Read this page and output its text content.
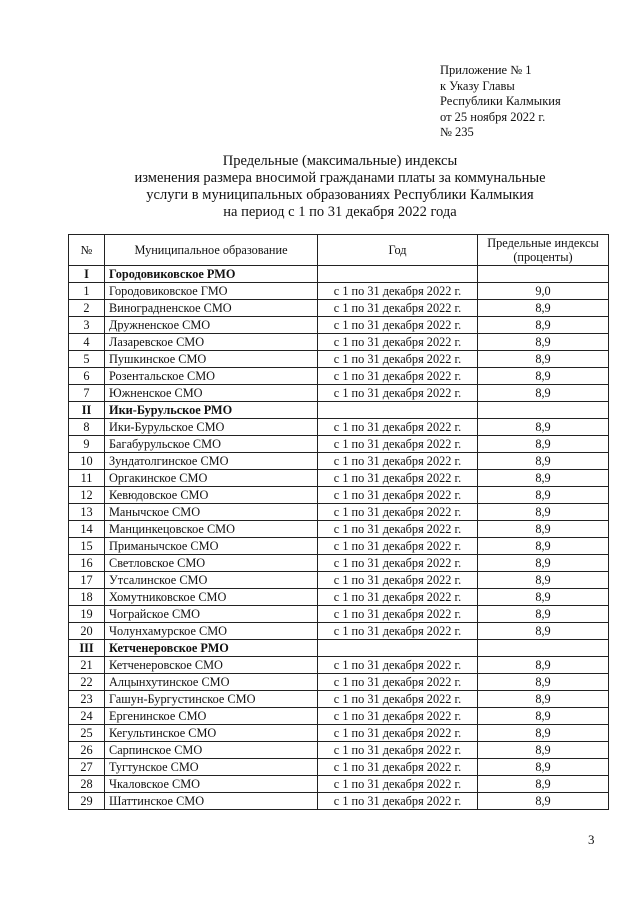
Приложение № 1
к Указу Главы
Республики Калмыкия
от 25 ноября 2022 г.
№ 235
Предельные (максимальные) индексы
изменения размера вносимой гражданами платы за коммунальные
услуги в муниципальных образованиях Республики Калмыкия
на период с 1 по 31 декабря 2022 года
№	Муниципальное образование	Год	Предельные индексы (проценты)
I	Городовиковское РМО		
1	Городовиковское ГМО	с 1 по 31 декабря 2022 г.	9,0
2	Виноградненское СМО	с 1 по 31 декабря 2022 г.	8,9
3	Дружненское СМО	с 1 по 31 декабря 2022 г.	8,9
4	Лазаревское СМО	с 1 по 31 декабря 2022 г.	8,9
5	Пушкинское СМО	с 1 по 31 декабря 2022 г.	8,9
6	Розентальское СМО	с 1 по 31 декабря 2022 г.	8,9
7	Южненское СМО	с 1 по 31 декабря 2022 г.	8,9
II	Ики-Бурульское РМО		
8	Ики-Бурульское СМО	с 1 по 31 декабря 2022 г.	8,9
9	Багабурульское СМО	с 1 по 31 декабря 2022 г.	8,9
10	Зундатолгинское СМО	с 1 по 31 декабря 2022 г.	8,9
11	Оргакинское СМО	с 1 по 31 декабря 2022 г.	8,9
12	Кевюдовское СМО	с 1 по 31 декабря 2022 г.	8,9
13	Манычское СМО	с 1 по 31 декабря 2022 г.	8,9
14	Манцинкецовское СМО	с 1 по 31 декабря 2022 г.	8,9
15	Приманычское СМО	с 1 по 31 декабря 2022 г.	8,9
16	Светловское СМО	с 1 по 31 декабря 2022 г.	8,9
17	Утсалинское СМО	с 1 по 31 декабря 2022 г.	8,9
18	Хомутниковское СМО	с 1 по 31 декабря 2022 г.	8,9
19	Чограйское СМО	с 1 по 31 декабря 2022 г.	8,9
20	Чолунхамурское СМО	с 1 по 31 декабря 2022 г.	8,9
III	Кетченеровское РМО		
21	Кетченеровское СМО	с 1 по 31 декабря 2022 г.	8,9
22	Алцынхутинское СМО	с 1 по 31 декабря 2022 г.	8,9
23	Гашун-Бургустинское СМО	с 1 по 31 декабря 2022 г.	8,9
24	Ергенинское СМО	с 1 по 31 декабря 2022 г.	8,9
25	Кегультинское СМО	с 1 по 31 декабря 2022 г.	8,9
26	Сарпинское СМО	с 1 по 31 декабря 2022 г.	8,9
27	Тугтунское СМО	с 1 по 31 декабря 2022 г.	8,9
28	Чкаловское СМО	с 1 по 31 декабря 2022 г.	8,9
29	Шаттинское СМО	с 1 по 31 декабря 2022 г.	8,9
3
